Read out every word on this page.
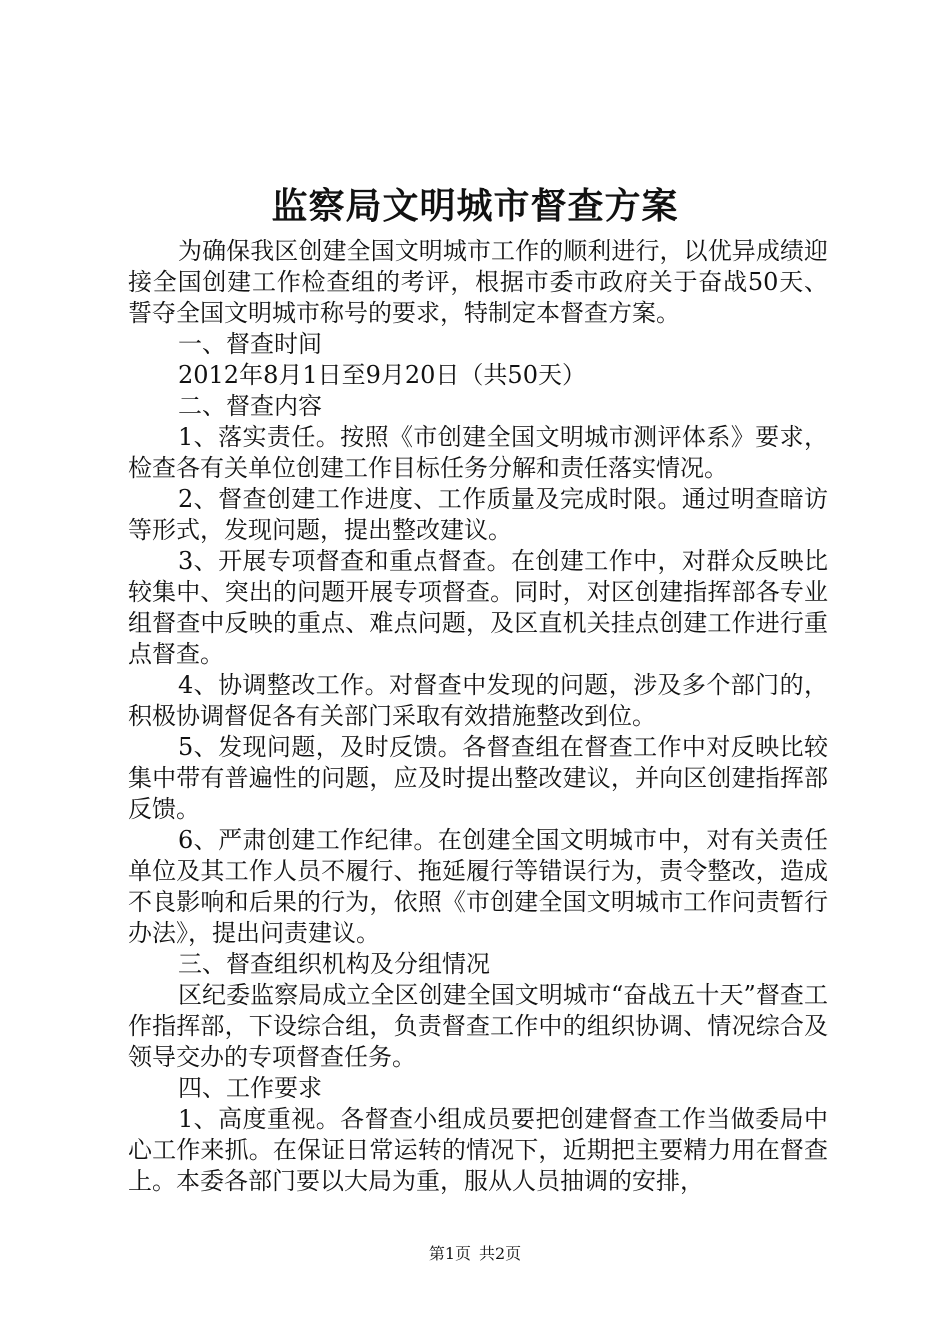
监察局文明城市督查方案

为确保我区创建全国文明城市工作的顺利进行，以优异成绩迎接全国创建工作检查组的考评，根据市委市政府关于奋战50天、誓夺全国文明城市称号的要求，特制定本督查方案。

一、督查时间

2012年8月1日至9月20日（共50天）

二、督查内容

1、落实责任。按照《市创建全国文明城市测评体系》要求，检查各有关单位创建工作目标任务分解和责任落实情况。

2、督查创建工作进度、工作质量及完成时限。通过明查暗访等形式，发现问题，提出整改建议。

3、开展专项督查和重点督查。在创建工作中，对群众反映比较集中、突出的问题开展专项督查。同时，对区创建指挥部各专业组督查中反映的重点、难点问题，及区直机关挂点创建工作进行重点督查。

4、协调整改工作。对督查中发现的问题，涉及多个部门的，积极协调督促各有关部门采取有效措施整改到位。

5、发现问题，及时反馈。各督查组在督查工作中对反映比较集中带有普遍性的问题，应及时提出整改建议，并向区创建指挥部反馈。

6、严肃创建工作纪律。在创建全国文明城市中，对有关责任单位及其工作人员不履行、拖延履行等错误行为，责令整改，造成不良影响和后果的行为，依照《市创建全国文明城市工作问责暂行办法》，提出问责建议。

三、督查组织机构及分组情况

区纪委监察局成立全区创建全国文明城市“奋战五十天”督查工作指挥部，下设综合组，负责督查工作中的组织协调、情况综合及领导交办的专项督查任务。

四、工作要求

1、高度重视。各督查小组成员要把创建督查工作当做委局中心工作来抓。在保证日常运转的情况下，近期把主要精力用在督查上。本委各部门要以大局为重，服从人员抽调的安排，

第1页 共2页
